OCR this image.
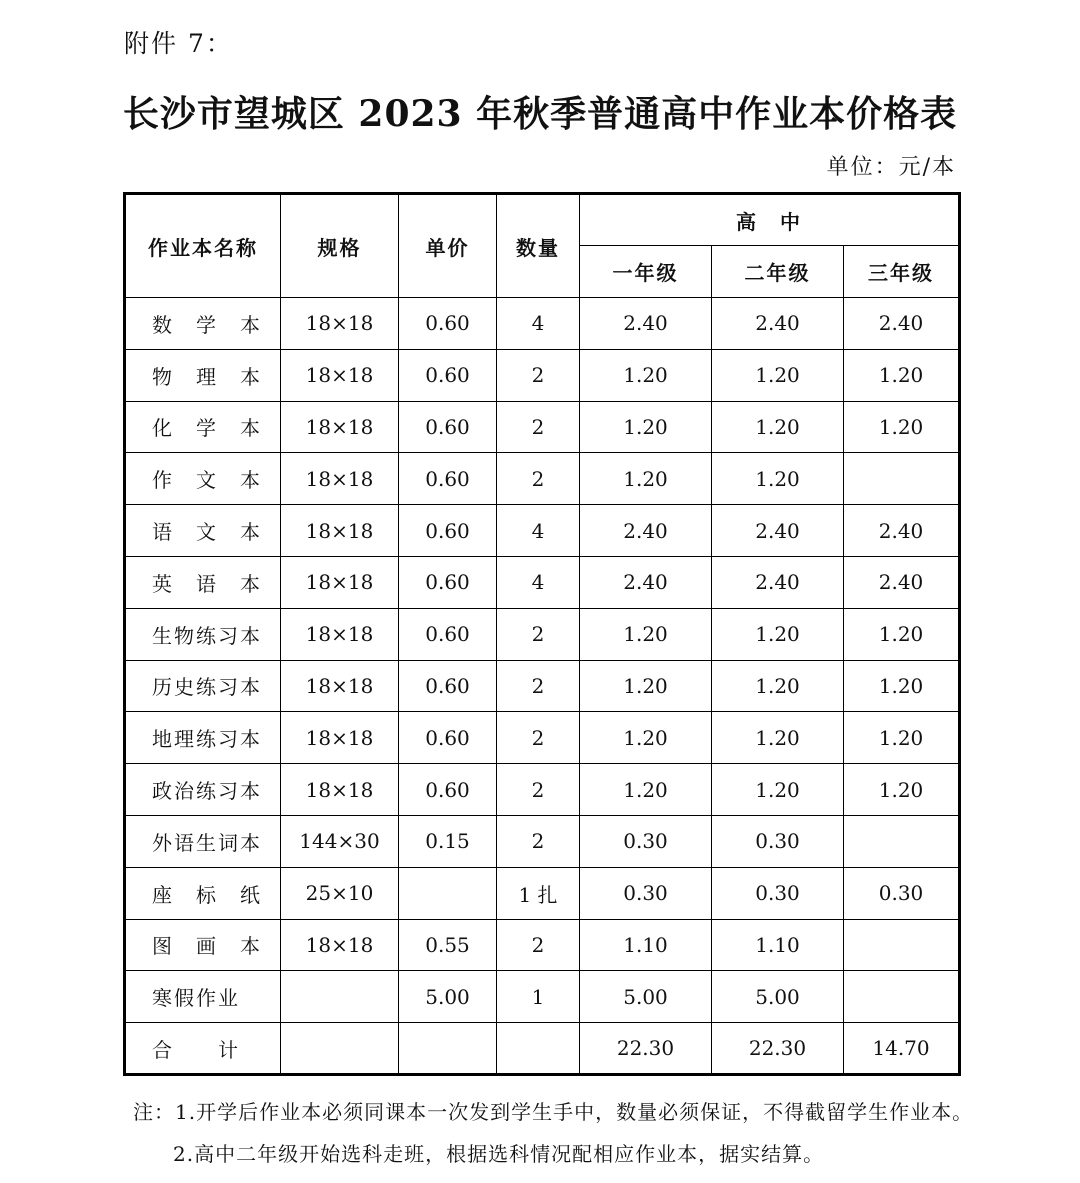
附件 7：
长沙市望城区 2023 年秋季普通高中作业本价格表
单位：元/本
作业本名称	规格	单价	数量	高　中		
				一年级	二年级	三年级
数　学　本	18×18	0.60	4	2.40	2.40	2.40
物　理　本	18×18	0.60	2	1.20	1.20	1.20
化　学　本	18×18	0.60	2	1.20	1.20	1.20
作　文　本	18×18	0.60	2	1.20	1.20	
语　文　本	18×18	0.60	4	2.40	2.40	2.40
英　语　本	18×18	0.60	4	2.40	2.40	2.40
生物练习本	18×18	0.60	2	1.20	1.20	1.20
历史练习本	18×18	0.60	2	1.20	1.20	1.20
地理练习本	18×18	0.60	2	1.20	1.20	1.20
政治练习本	18×18	0.60	2	1.20	1.20	1.20
外语生词本	144×30	0.15	2	0.30	0.30	
座　标　纸	25×10		1 扎	0.30	0.30	0.30
图　画　本	18×18	0.55	2	1.10	1.10	
寒假作业		5.00	1	5.00	5.00	
合　　计				22.30	22.30	14.70
注：1.开学后作业本必须同课本一次发到学生手中，数量必须保证，不得截留学生作业本。
2.高中二年级开始选科走班，根据选科情况配相应作业本，据实结算。
